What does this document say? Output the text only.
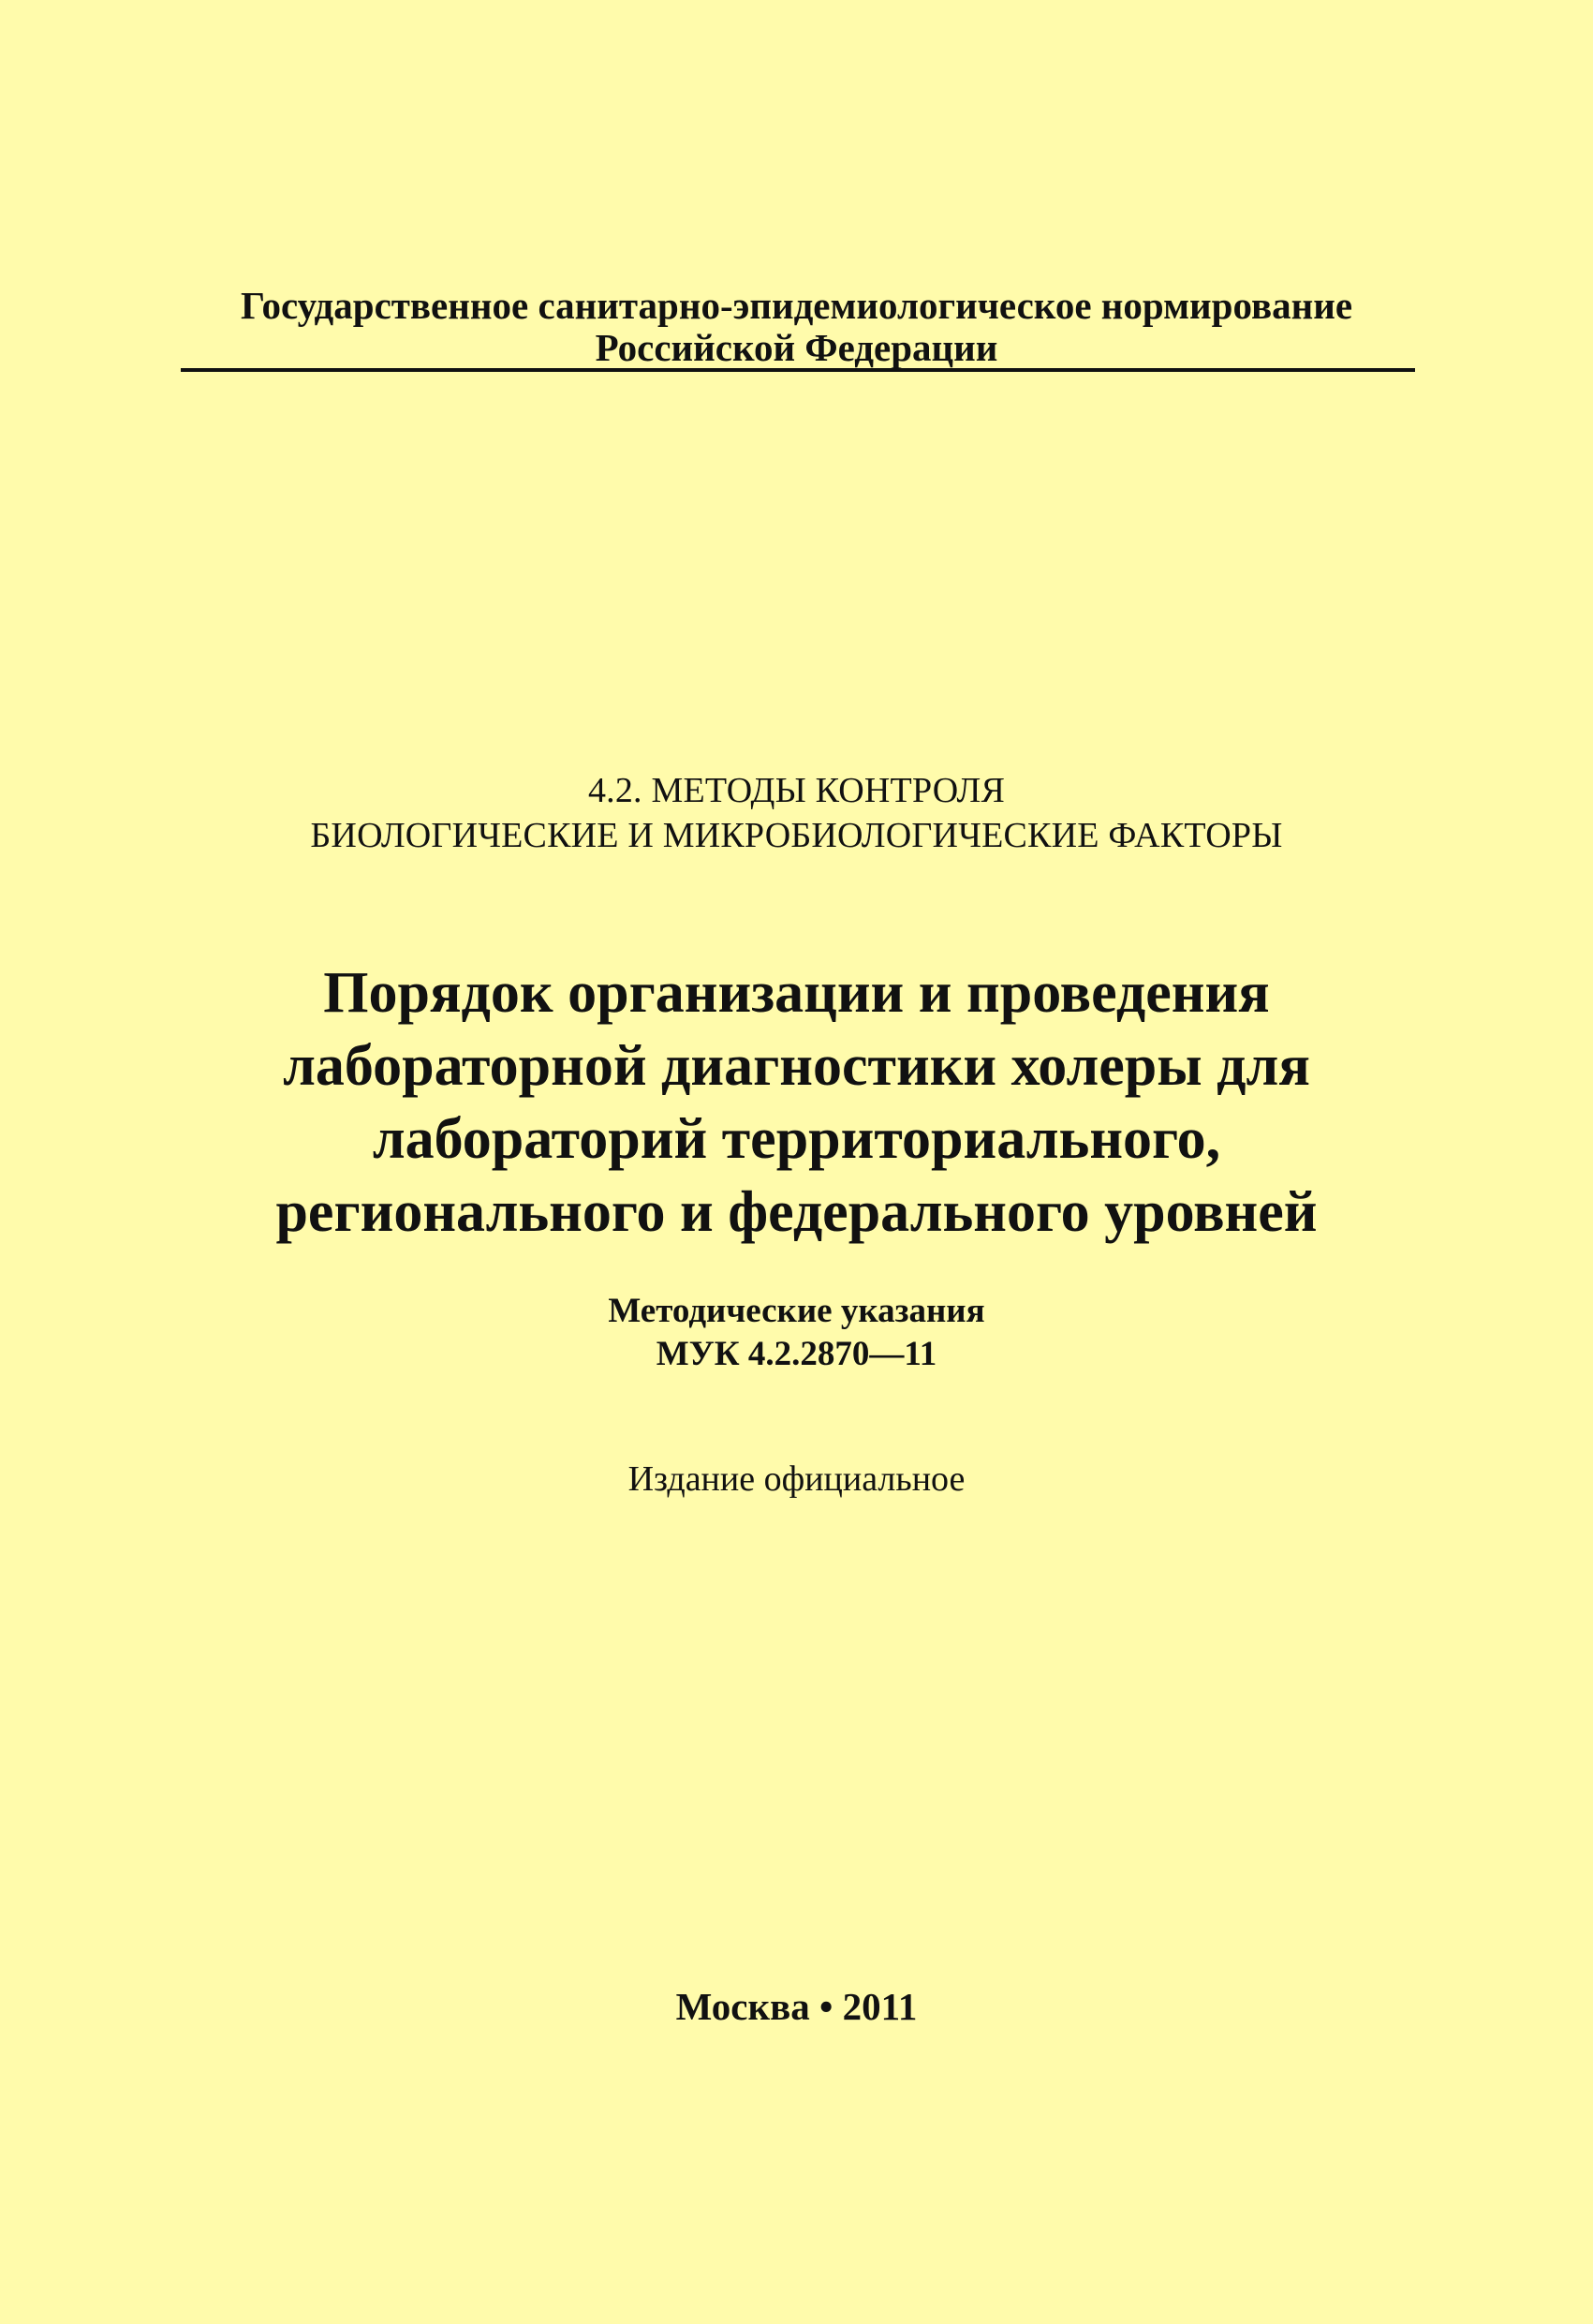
Государственное санитарно-эпидемиологическое нормирование
Российской Федерации
4.2. МЕТОДЫ КОНТРОЛЯ
БИОЛОГИЧЕСКИЕ И МИКРОБИОЛОГИЧЕСКИЕ ФАКТОРЫ
Порядок организации и проведения
лабораторной диагностики холеры для
лабораторий территориального,
регионального и федерального уровней
Методические указания
МУК 4.2.2870—11
Издание официальное
Москва • 2011
